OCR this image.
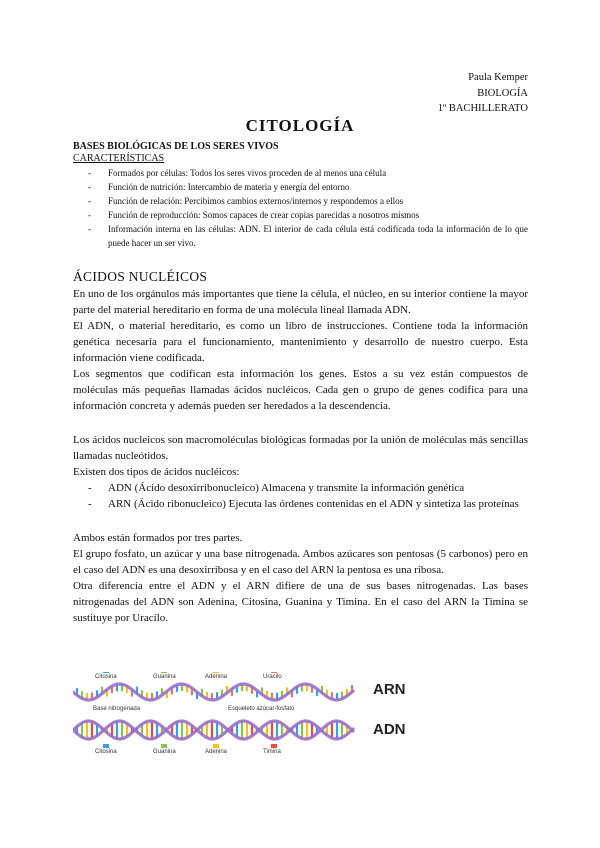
Paula Kemper
BIOLOGÍA
1º BACHILLERATO
CITOLOGÍA
BASES BIOLÓGICAS DE LOS SERES VIVOS
CARACTERÍSTICAS
- Formados por células: Todos los seres vivos proceden de al menos una célula
- Función de nutrición: Intercambio de materia y energía del entorno
- Función de relación: Percibimos cambios externos/internos y respondemos a ellos
- Función de reproducción: Somos capaces de crear copias parecidas a nosotros mismos
- Información interna en las células: ADN. El interior de cada célula está codificada toda la información de lo que puede hacer un ser vivo.
ÁCIDOS NUCLÉICOS

En uno de los orgánulos más importantes que tiene la célula, el núcleo, en su interior contiene la mayor parte del material hereditario en forma de una molécula lineal llamada ADN.

El ADN, o material hereditario, es como un libro de instrucciones. Contiene toda la información genética necesaria para el funcionamiento, mantenimiento y desarrollo de nuestro cuerpo. Esta información viene codificada.

Los segmentos que codifican esta información los genes. Estos a su vez están compuestos de moléculas más pequeñas llamadas ácidos nucléicos. Cada gen o grupo de genes codifica para una información concreta y además pueden ser heredados a la descendencia.

Los ácidos nucleicos son macromoléculas biológicas formadas por la unión de moléculas más sencillas llamadas nucleótidos.

Existen dos tipos de ácidos nucléicos:

- ADN (Ácido desoxirribonucleico) Almacena y transmite la información genética
- ARN (Ácido ribonucleico) Ejecuta las órdenes contenidas en el ADN y sintetiza las proteínas

Ambos están formados por tres partes.

El grupo fosfato, un azúcar y una base nitrogenada. Ambos azúcares son pentosas (5 carbonos) pero en el caso del ADN es una desoxirribosa y en el caso del ARN la pentosa es una ribosa.

Otra diferencia entre el ADN y el ARN difiere de una de sus bases nitrogenadas. Las bases nitrogenadas del ADN son Adenina, Citosina, Guanina y Timina. En el caso del ARN la Timina se sustituye por Uracilo.

Citosina	Guanina	Adenina	Uracilo
Citosina	Guanina	Adenina	Timina
ARN
ADN
Base nitrogenada	Esqueleto azúcar-fosfato
